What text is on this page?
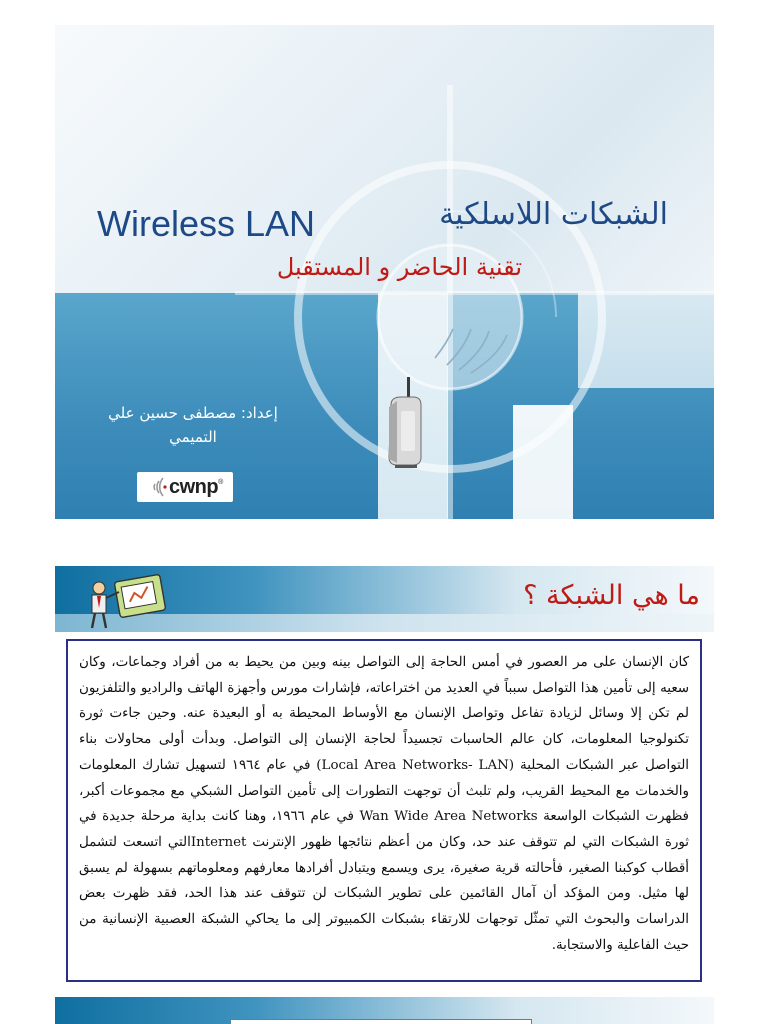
الشبكات اللاسلكية
Wireless LAN
تقنية الحاضر و المستقبل
إعداد: مصطفى حسين علي
التميمي
cwnp ®
ما هي الشبكة ؟

كان الإنسان على مر العصور في أمس الحاجة إلى التواصل بينه وبين من يحيط به من أفراد وجماعات، وكان سعيه إلى تأمين هذا التواصل سبباً في العديد من اختراعاته، فإشارات مورس وأجهزة الهاتف والراديو والتلفزيون لم تكن إلا وسائل لزيادة تفاعل وتواصل الإنسان مع الأوساط المحيطة به أو البعيدة عنه. وحين جاءت ثورة تكنولوجيا المعلومات، كان عالم الحاسبات تجسيداً لحاجة الإنسان إلى التواصل. وبدأت أولى محاولات بناء التواصل عبر الشبكات المحلية (Local Area Networks- LAN) في عام ١٩٦٤ لتسهيل تشارك المعلومات والخدمات مع المحيط القريب، ولم تلبث أن توجهت التطورات إلى تأمين التواصل الشبكي مع مجموعات أكبر، فظهرت الشبكات الواسعة Wan Wide Area Networks في عام ١٩٦٦، وهنا كانت بداية مرحلة جديدة في ثورة الشبكات التي لم تتوقف عند حد، وكان من أعظم نتائجها ظهور الإنترنت Internetالتي اتسعت لتشمل أقطاب كوكبنا الصغير، فأحالته قرية صغيرة، يرى ويسمع ويتبادل أفرادها معارفهم ومعلوماتهم بسهولة لم يسبق لها مثيل. ومن المؤكد أن آمال القائمين على تطوير الشبكات لن تتوقف عند هذا الحد، فقد ظهرت بعض الدراسات والبحوث التي تمثّل توجهات للارتقاء بشبكات الكمبيوتر إلى ما يحاكي الشبكة العصبية الإنسانية من حيث الفاعلية والاستجابة.
